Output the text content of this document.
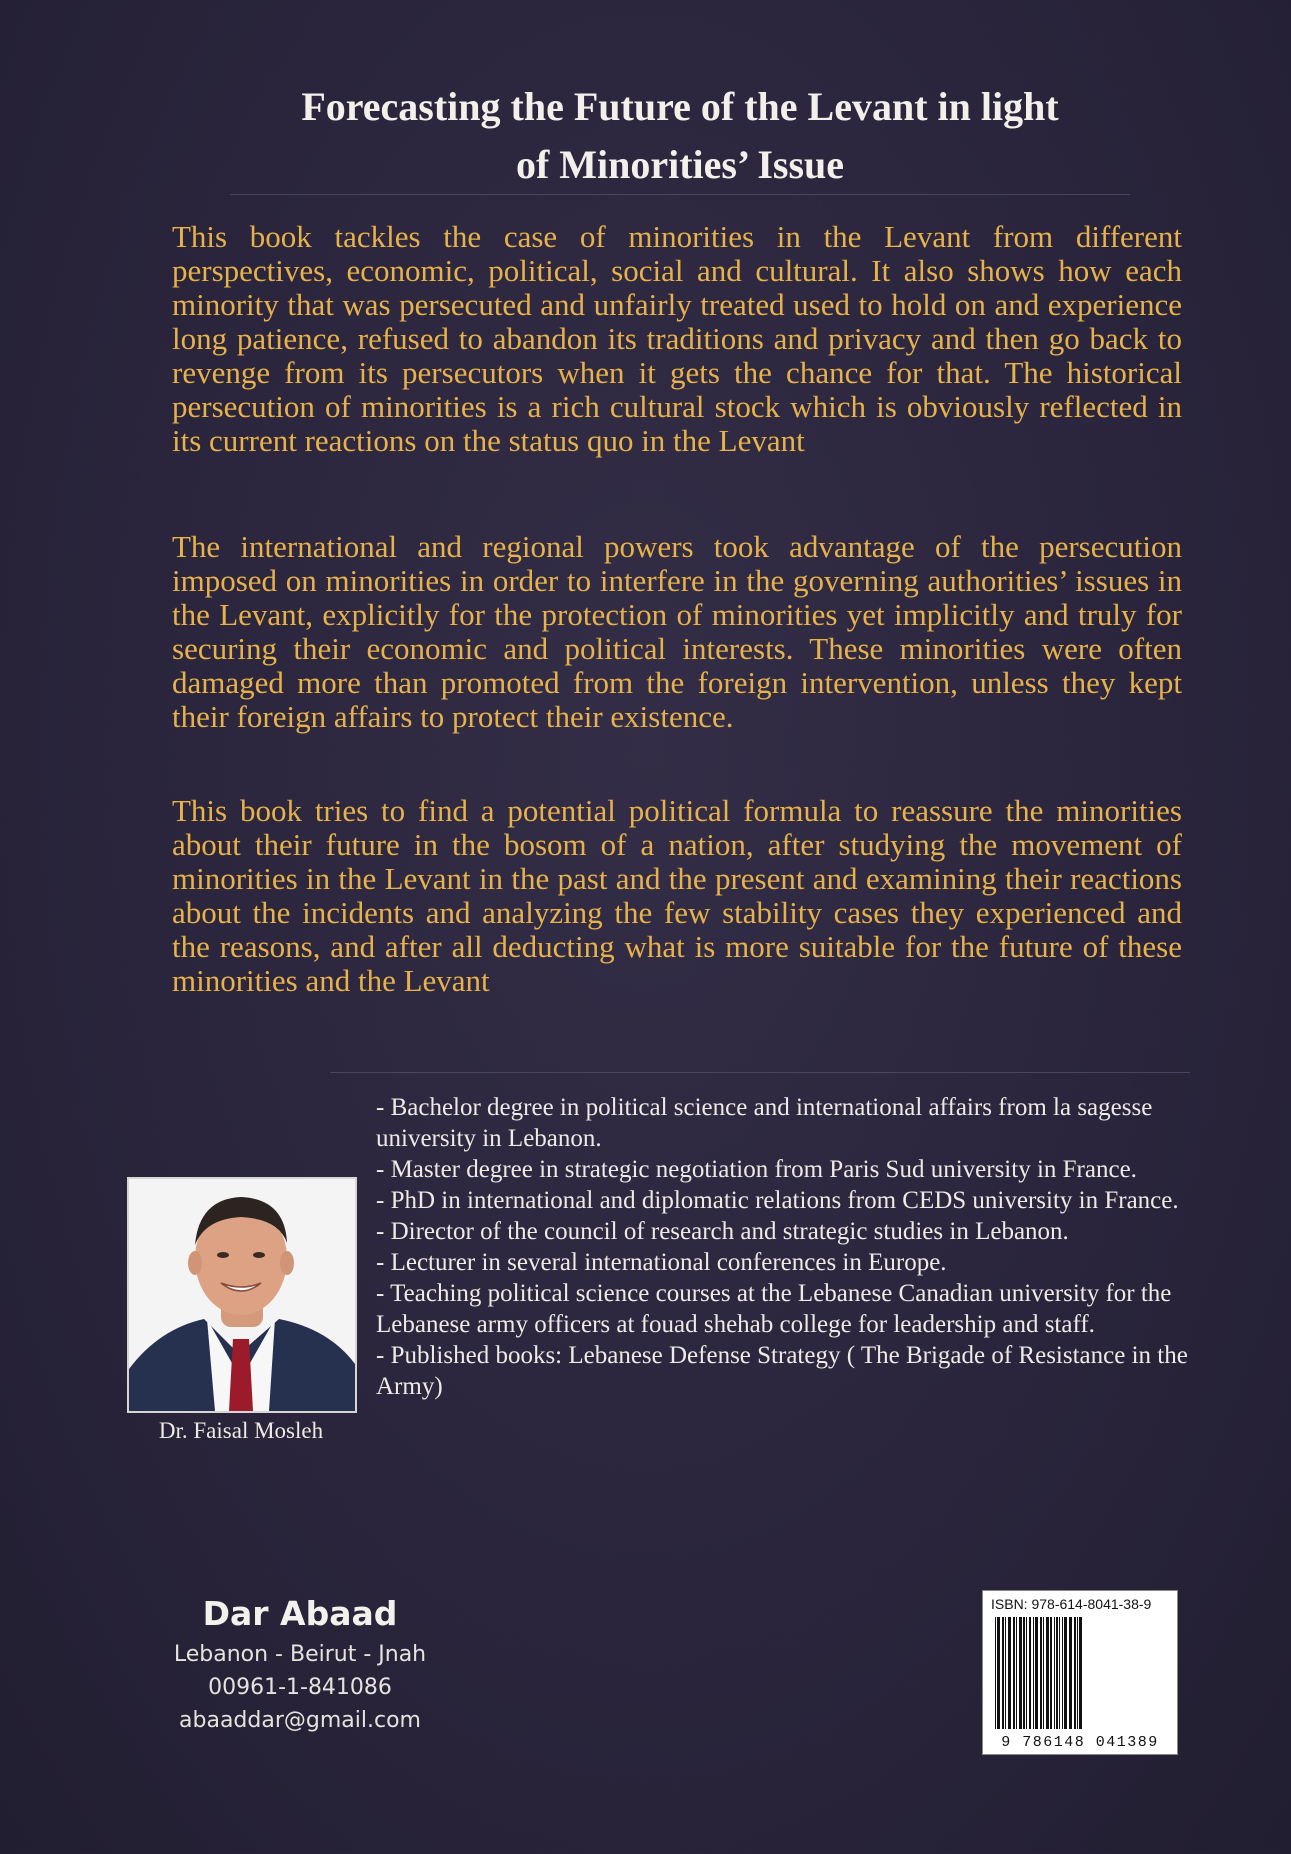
Forecasting the Future of the Levant in light
of Minorities’ Issue

This book tackles the case of minorities in the Levant from different perspectives, economic, political, social and cultural. It also shows how each minority that was persecuted and unfairly treated used to hold on and experience long patience, refused to abandon its traditions and privacy and then go back to revenge from its persecutors when it gets the chance for that. The historical persecution of minorities is a rich cultural stock which is obviously reflected in its current reactions on the status quo in the Levant

The international and regional powers took advantage of the persecution imposed on minorities in order to interfere in the governing authorities’ issues in the Levant, explicitly for the protection of minorities yet implicitly and truly for securing their economic and political interests. These minorities were often damaged more than promoted from the foreign intervention, unless they kept their foreign affairs to protect their existence.

This book tries to find a potential political formula to reassure the minorities about their future in the bosom of a nation, after studying the movement of minorities in the Levant in the past and the present and examining their reactions about the incidents and analyzing the few stability cases they experienced and the reasons, and after all deducting what is more suitable for the future of these minorities and the Levant

Dr. Faisal Mosleh
- Bachelor degree in political science and international affairs from la sagesse university in Lebanon.
- Master degree in strategic negotiation from Paris Sud university in France.
- PhD in international and diplomatic relations from CEDS university in France.
- Director of the council of research and strategic studies in Lebanon.
- Lecturer in several international conferences in Europe.
- Teaching political science courses at the Lebanese Canadian university for the Lebanese army officers at fouad shehab college for leadership and staff.
- Published books: Lebanese Defense Strategy ( The Brigade of Resistance in the Army)
Dar Abaad
Lebanon - Beirut - Jnah
00961-1-841086
abaaddar@gmail.com
ISBN: 978-614-8041-38-9
9 786148 041389
